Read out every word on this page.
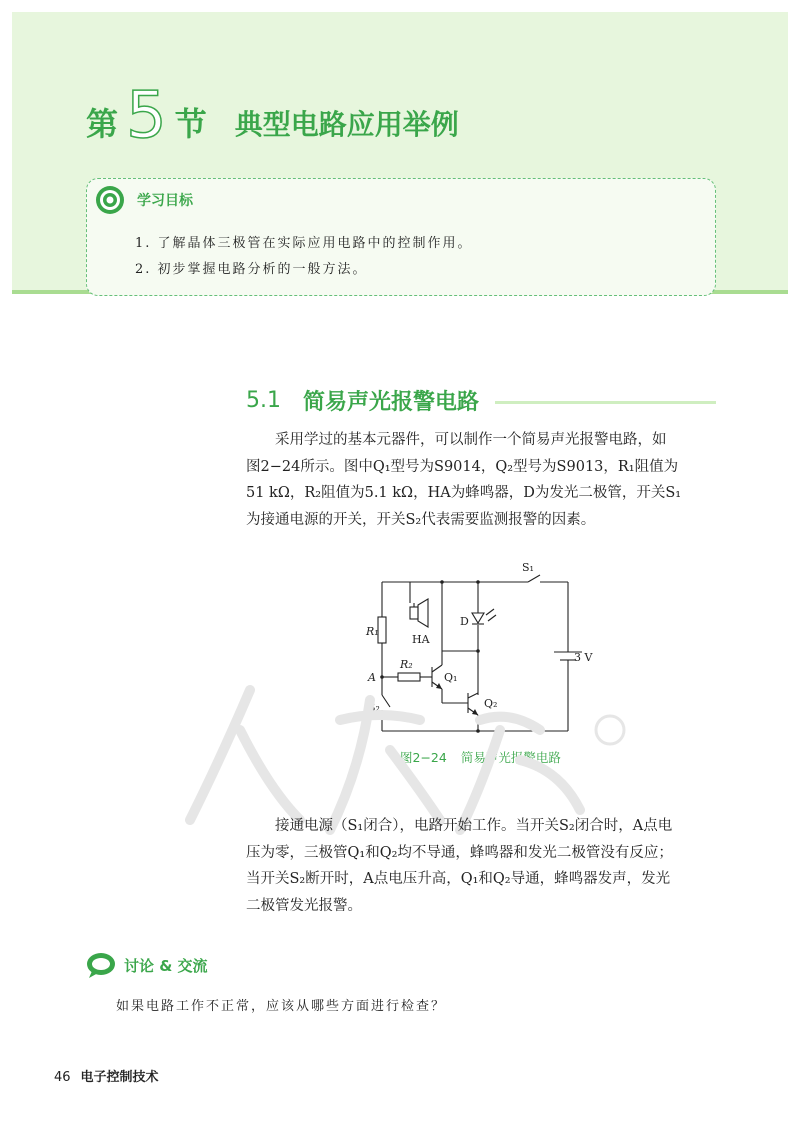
第 5 节 典型电路应用举例
学习目标
1. 了解晶体三极管在实际应用电路中的控制作用。
2. 初步掌握电路分析的一般方法。
5.1 简易声光报警电路
采用学过的基本元器件，可以制作一个简易声光报警电路，如
图2−24所示。图中Q₁型号为S9014，Q₂型号为S9013，R₁阻值为
51 kΩ，R₂阻值为5.1 kΩ，HA为蜂鸣器，D为发光二极管，开关S₁
为接通电源的开关，开关S₂代表需要监测报警的因素。
S₁
R₁
HA
D
3 V
R₂
A	Q₁
Q₂
S₂
图2−24 简易声光报警电路
接通电源（S₁闭合），电路开始工作。当开关S₂闭合时，A点电
压为零，三极管Q₁和Q₂均不导通，蜂鸣器和发光二极管没有反应；
当开关S₂断开时，A点电压升高，Q₁和Q₂导通，蜂鸣器发声，发光
二极管发光报警。
讨论 & 交流
如果电路工作不正常，应该从哪些方面进行检查？
46 电子控制技术
